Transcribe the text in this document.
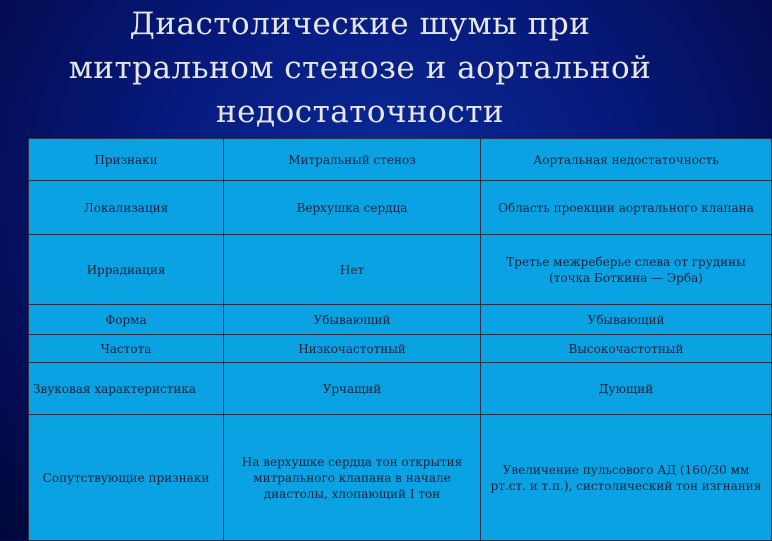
Диастолические шумы при
митральном стенозе и аортальной
недостаточности
Признаки	Митральный стеноз	Аортальная недостаточность
Локализация	Верхушка сердца	Область проекции аортального клапана
Иррадиация	Нет	Третье межреберье слева от грудины (точка Боткина — Эрба)
Форма	Убывающий	Убывающий
Частота	Низкочастотный	Высокочастотный
Звуковая характеристика	Урчащий	Дующий
Сопутствующие признаки	На верхушке сердца тон открытия митрального клапана в начале диастолы, хлопающий I тон	Увеличение пульсового АД (160/30 мм рт.ст. и т.п.), систолический тон изгнания
